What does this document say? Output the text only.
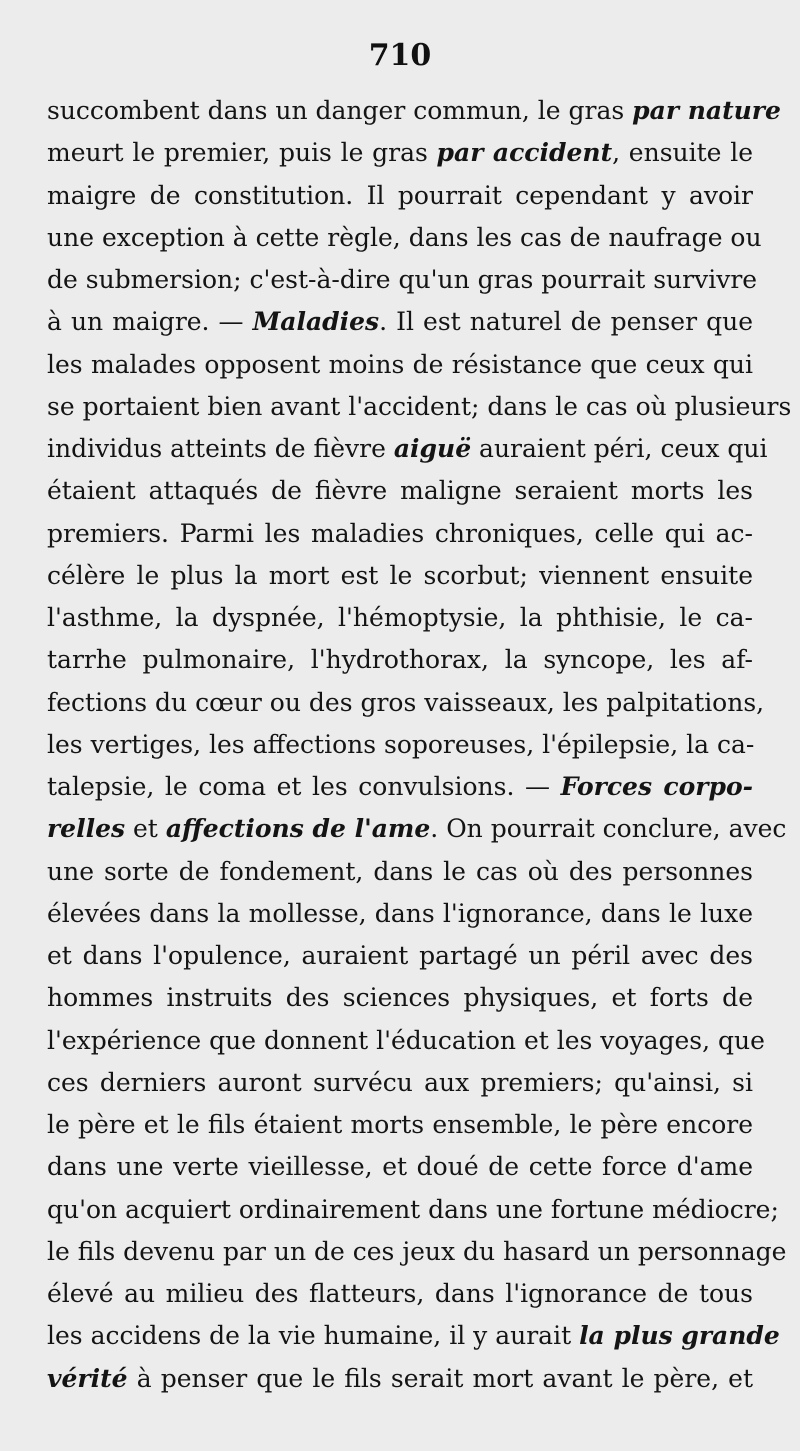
710
succombent dans un danger commun, le gras par nature
meurt le premier, puis le gras par accident, ensuite le
maigre de constitution. Il pourrait cependant y avoir
une exception à cette règle, dans les cas de naufrage ou
de submersion; c'est-à-dire qu'un gras pourrait survivre
à un maigre. — Maladies. Il est naturel de penser que
les malades opposent moins de résistance que ceux qui
se portaient bien avant l'accident; dans le cas où plusieurs
individus atteints de fièvre aiguë auraient péri, ceux qui
étaient attaqués de fièvre maligne seraient morts les
premiers. Parmi les maladies chroniques, celle qui ac-
célère le plus la mort est le scorbut; viennent ensuite
l'asthme, la dyspnée, l'hémoptysie, la phthisie, le ca-
tarrhe pulmonaire, l'hydrothorax, la syncope, les af-
fections du cœur ou des gros vaisseaux, les palpitations,
les vertiges, les affections soporeuses, l'épilepsie, la ca-
talepsie, le coma et les convulsions. — Forces corpo-
relles et affections de l'ame. On pourrait conclure, avec
une sorte de fondement, dans le cas où des personnes
élevées dans la mollesse, dans l'ignorance, dans le luxe
et dans l'opulence, auraient partagé un péril avec des
hommes instruits des sciences physiques, et forts de
l'expérience que donnent l'éducation et les voyages, que
ces derniers auront survécu aux premiers; qu'ainsi, si
le père et le fils étaient morts ensemble, le père encore
dans une verte vieillesse, et doué de cette force d'ame
qu'on acquiert ordinairement dans une fortune médiocre;
le fils devenu par un de ces jeux du hasard un personnage
élevé au milieu des flatteurs, dans l'ignorance de tous
les accidens de la vie humaine, il y aurait la plus grande
vérité à penser que le fils serait mort avant le père, et
